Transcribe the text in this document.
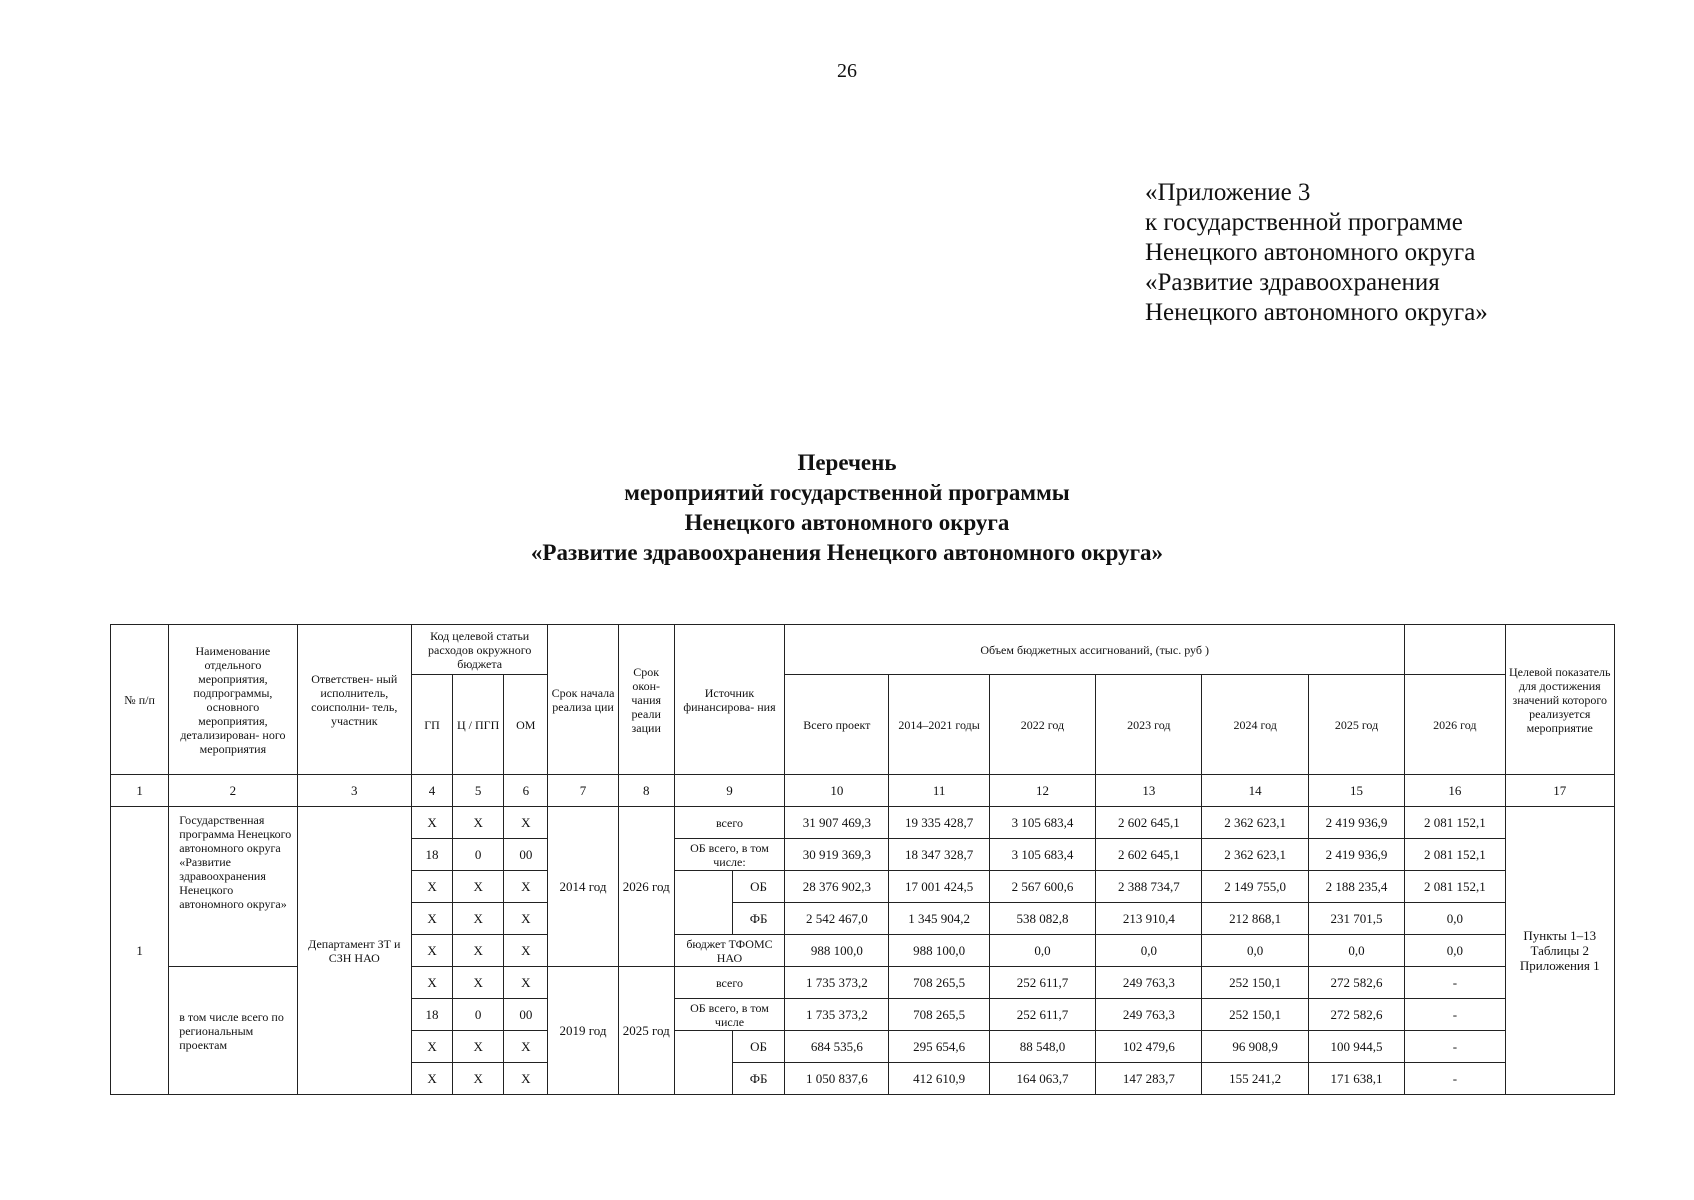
26
«Приложение 3
к государственной программе
Ненецкого автономного округа
«Развитие здравоохранения
Ненецкого автономного округа»
Перечень
мероприятий государственной программы
Ненецкого автономного округа
«Развитие здравоохранения Ненецкого автономного округа»
№ п/п	Наименование отдельного мероприятия, подпрограммы, основного мероприятия, детализирован- ного мероприятия	Ответствен- ный исполнитель, соисполни- тель, участник	Код целевой статьи расходов окружного бюджета			Срок начала реализа ции	Срок окон- чания реали зации	Источник финансирова- ния		Объем бюджетных ассигнований, (тыс. руб )							Целевой показатель для достижения значений которого реализуется мероприятие
			ГП	Ц / ПГП	ОМ					Всего проект	2014–2021 годы	2022 год	2023 год	2024 год	2025 год	2026 год	
1	2	3	4	5	6	7	8	9		10	11	12	13	14	15	16	17
1	Государственная программа Ненецкого автономного округа «Развитие здравоохранения Ненецкого автономного округа»	Департамент ЗТ и СЗН НАО	Х	Х	Х	2014 год	2026 год	всего		31 907 469,3	19 335 428,7	3 105 683,4	2 602 645,1	2 362 623,1	2 419 936,9	2 081 152,1	Пункты 1–13 Таблицы 2 Приложения 1
			18	0	00			ОБ всего, в том числе:		30 919 369,3	18 347 328,7	3 105 683,4	2 602 645,1	2 362 623,1	2 419 936,9	2 081 152,1	
			Х	Х	Х				ОБ	28 376 902,3	17 001 424,5	2 567 600,6	2 388 734,7	2 149 755,0	2 188 235,4	2 081 152,1	
			Х	Х	Х				ФБ	2 542 467,0	1 345 904,2	538 082,8	213 910,4	212 868,1	231 701,5	0,0	
			Х	Х	Х			бюджет ТФОМС НАО		988 100,0	988 100,0	0,0	0,0	0,0	0,0	0,0	
	в том числе всего по региональным проектам		Х	Х	Х	2019 год	2025 год	всего		1 735 373,2	708 265,5	252 611,7	249 763,3	252 150,1	272 582,6	-	
			18	0	00			ОБ всего, в том числе		1 735 373,2	708 265,5	252 611,7	249 763,3	252 150,1	272 582,6	-	
			Х	Х	Х				ОБ	684 535,6	295 654,6	88 548,0	102 479,6	96 908,9	100 944,5	-	
			Х	Х	Х				ФБ	1 050 837,6	412 610,9	164 063,7	147 283,7	155 241,2	171 638,1	-	
